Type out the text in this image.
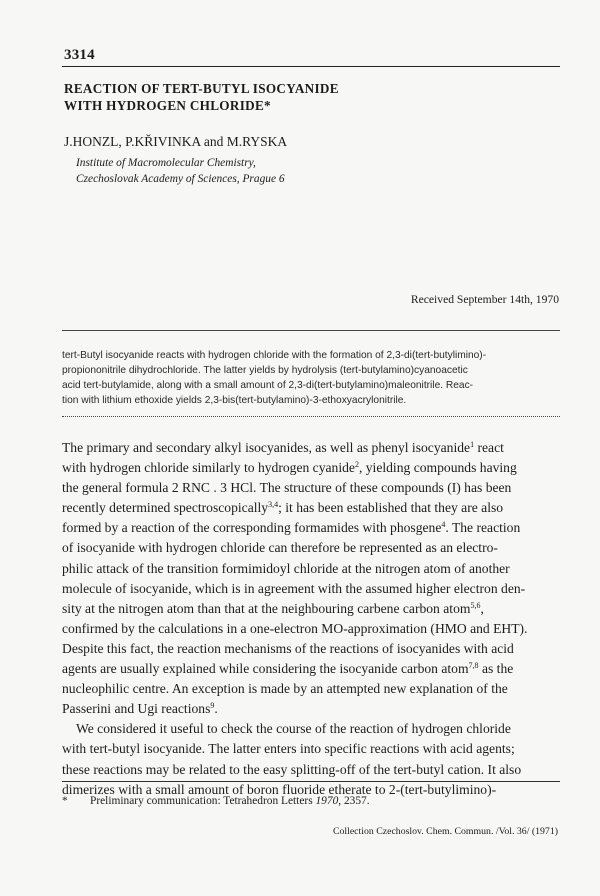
3314
REACTION OF TERT-BUTYL ISOCYANIDE
WITH HYDROGEN CHLORIDE*
J.HONZL, P.KŘIVINKA and M.RYSKA
Institute of Macromolecular Chemistry,
Czechoslovak Academy of Sciences, Prague 6
Received September 14th, 1970
tert-Butyl isocyanide reacts with hydrogen chloride with the formation of 2,3-di(tert-butylimino)-
propiononitrile dihydrochloride. The latter yields by hydrolysis (tert-butylamino)cyanoacetic
acid tert-butylamide, along with a small amount of 2,3-di(tert-butylamino)maleonitrile. Reac-
tion with lithium ethoxide yields 2,3-bis(tert-butylamino)-3-ethoxyacrylonitrile.
The primary and secondary alkyl isocyanides, as well as phenyl isocyanide$^1$ react
with hydrogen chloride similarly to hydrogen cyanide$^2$, yielding compounds having
the general formula 2 RNC . 3 HCl. The structure of these compounds (I) has been
recently determined spectroscopically$^{3,4}$; it has been established that they are also
formed by a reaction of the corresponding formamides with phosgene$^4$. The reaction
of isocyanide with hydrogen chloride can therefore be represented as an electro-
philic attack of the transition formimidoyl chloride at the nitrogen atom of another
molecule of isocyanide, which is in agreement with the assumed higher electron den-
sity at the nitrogen atom than that at the neighbouring carbene carbon atom$^{5,6}$,
confirmed by the calculations in a one-electron MO-approximation (HMO and EHT).
Despite this fact, the reaction mechanisms of the reactions of isocyanides with acid
agents are usually explained while considering the isocyanide carbon atom$^{7,8}$ as the
nucleophilic centre. An exception is made by an attempted new explanation of the
Passerini and Ugi reactions$^9$.
We considered it useful to check the course of the reaction of hydrogen chloride
with tert-butyl isocyanide. The latter enters into specific reactions with acid agents;
these reactions may be related to the easy splitting-off of the tert-butyl cation. It also
dimerizes with a small amount of boron fluoride etherate to 2-(tert-butylimino)-
* Preliminary communication: Tetrahedron Letters 1970, 2357.
Collection Czechoslov. Chem. Commun. /Vol. 36/ (1971)
